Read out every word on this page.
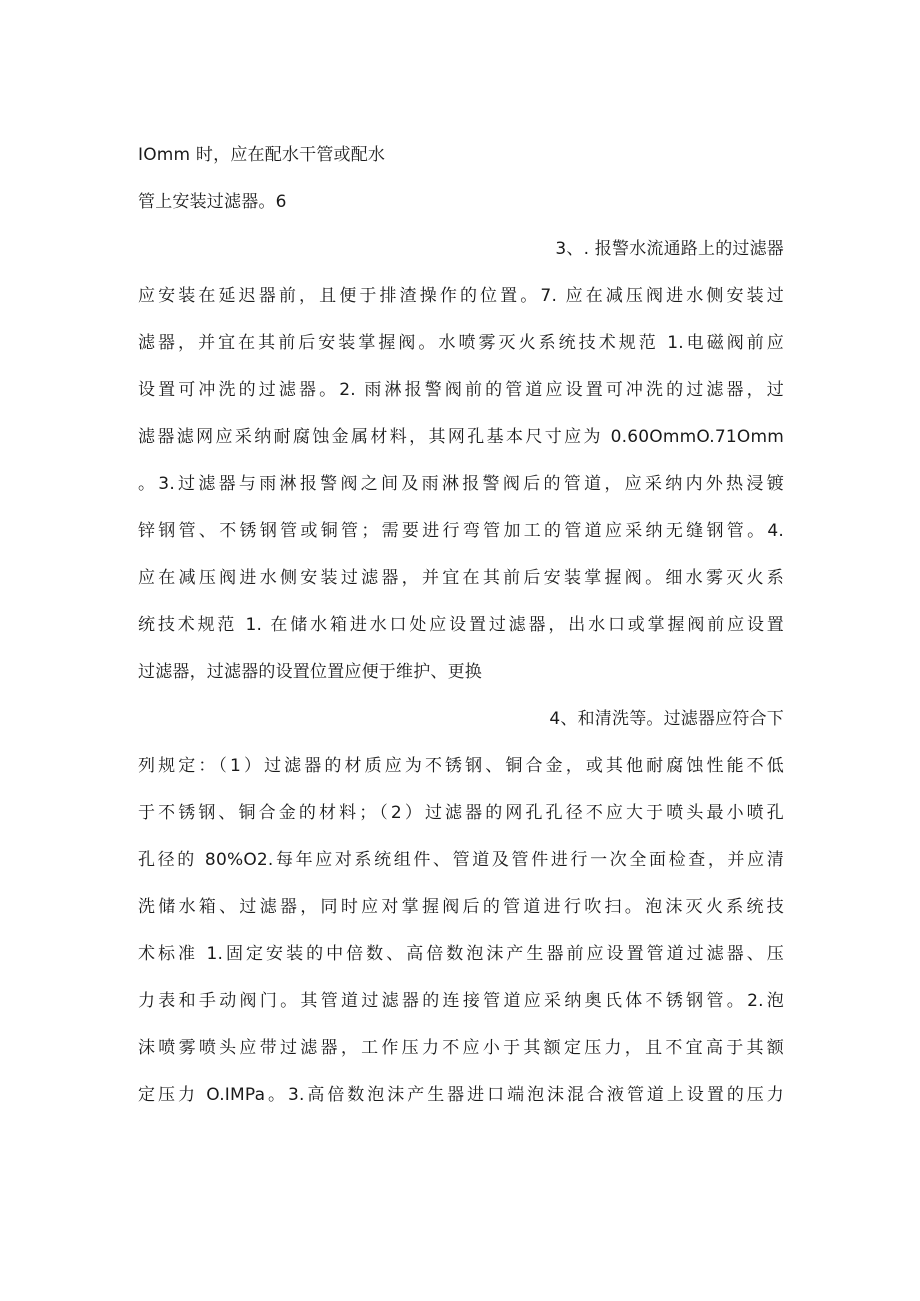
IOmm 时，应在配水干管或配水
管上安装过滤器。6
3、. 报警水流通路上的过滤器
应安装在延迟器前，且便于排渣操作的位置。7. 应在减压阀进水侧安装过
滤器，并宜在其前后安装掌握阀。水喷雾灭火系统技术规范 1.电磁阀前应
设置可冲洗的过滤器。2. 雨淋报警阀前的管道应设置可冲洗的过滤器，过
滤器滤网应采纳耐腐蚀金属材料，其网孔基本尺寸应为 0.60OmmO.71Omm
。3.过滤器与雨淋报警阀之间及雨淋报警阀后的管道，应采纳内外热浸镀
锌钢管、不锈钢管或铜管；需要进行弯管加工的管道应采纳无缝钢管。4.
应在减压阀进水侧安装过滤器，并宜在其前后安装掌握阀。细水雾灭火系
统技术规范 1. 在储水箱进水口处应设置过滤器，出水口或掌握阀前应设置
过滤器，过滤器的设置位置应便于维护、更换
4、和清洗等。过滤器应符合下
列规定：（1）过滤器的材质应为不锈钢、铜合金，或其他耐腐蚀性能不低
于不锈钢、铜合金的材料；（2）过滤器的网孔孔径不应大于喷头最小喷孔
孔径的 80%O2.每年应对系统组件、管道及管件进行一次全面检查，并应清
洗储水箱、过滤器，同时应对掌握阀后的管道进行吹扫。泡沫灭火系统技
术标准 1.固定安装的中倍数、高倍数泡沫产生器前应设置管道过滤器、压
力表和手动阀门。其管道过滤器的连接管道应采纳奥氏体不锈钢管。2.泡
沫喷雾喷头应带过滤器，工作压力不应小于其额定压力，且不宜高于其额
定压力 O.IMPa。3.高倍数泡沫产生器进口端泡沫混合液管道上设置的压力
